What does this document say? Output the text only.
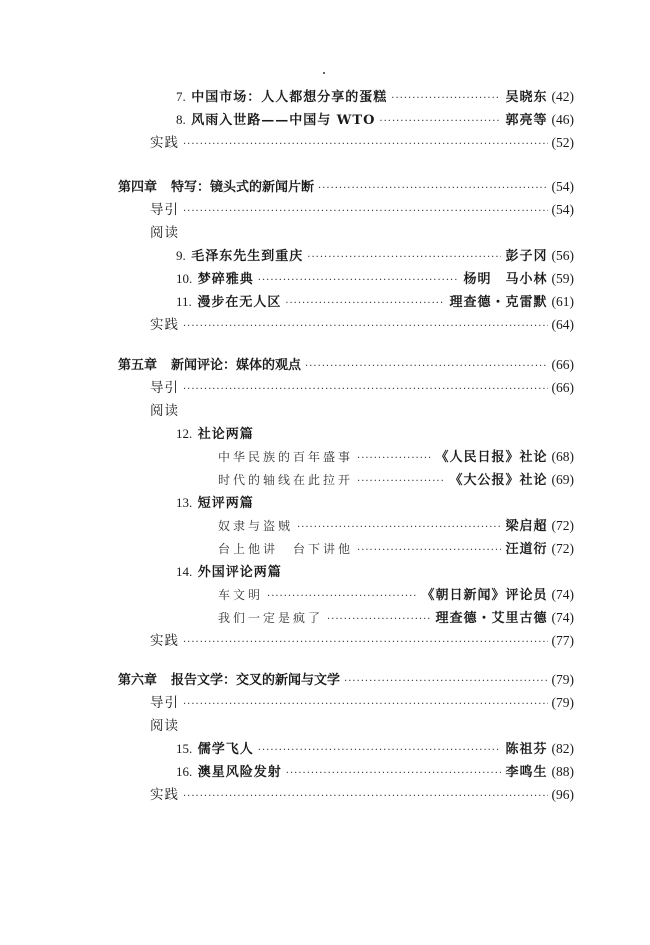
7. 中国市场：人人都想分享的蛋糕 ·····	吴晓东 (42)
8. 风雨入世路——中国与 WTO ·····	郭亮等 (46)
实践 ·····	(52)
第四章 特写：镜头式的新闻片断 ·····	(54)
导引 ·····	(54)
阅读
9. 毛泽东先生到重庆 ·····	彭子冈 (56)
10. 梦碎雅典 ·····	杨明　马小林 (59)
11. 漫步在无人区 ·····	理查德・克雷默 (61)
实践 ·····	(64)
第五章 新闻评论：媒体的观点 ·····	(66)
导引 ·····	(66)
阅读
12. 社论两篇
中华民族的百年盛事 ·····	《人民日报》社论 (68)
时代的轴线在此拉开 ·····	《大公报》社论 (69)
13. 短评两篇
奴隶与盗贼 ·····	梁启超 (72)
台上他讲　台下讲他 ·····	汪道衍 (72)
14. 外国评论两篇
车文明 ·····	《朝日新闻》评论员 (74)
我们一定是疯了 ·····	理查德・艾里古德 (74)
实践 ·····	(77)
第六章 报告文学：交叉的新闻与文学 ·····	(79)
导引 ·····	(79)
阅读
15. 儒学飞人 ·····	陈祖芬 (82)
16. 澳星风险发射 ·····	李鸣生 (88)
实践 ·····	(96)
